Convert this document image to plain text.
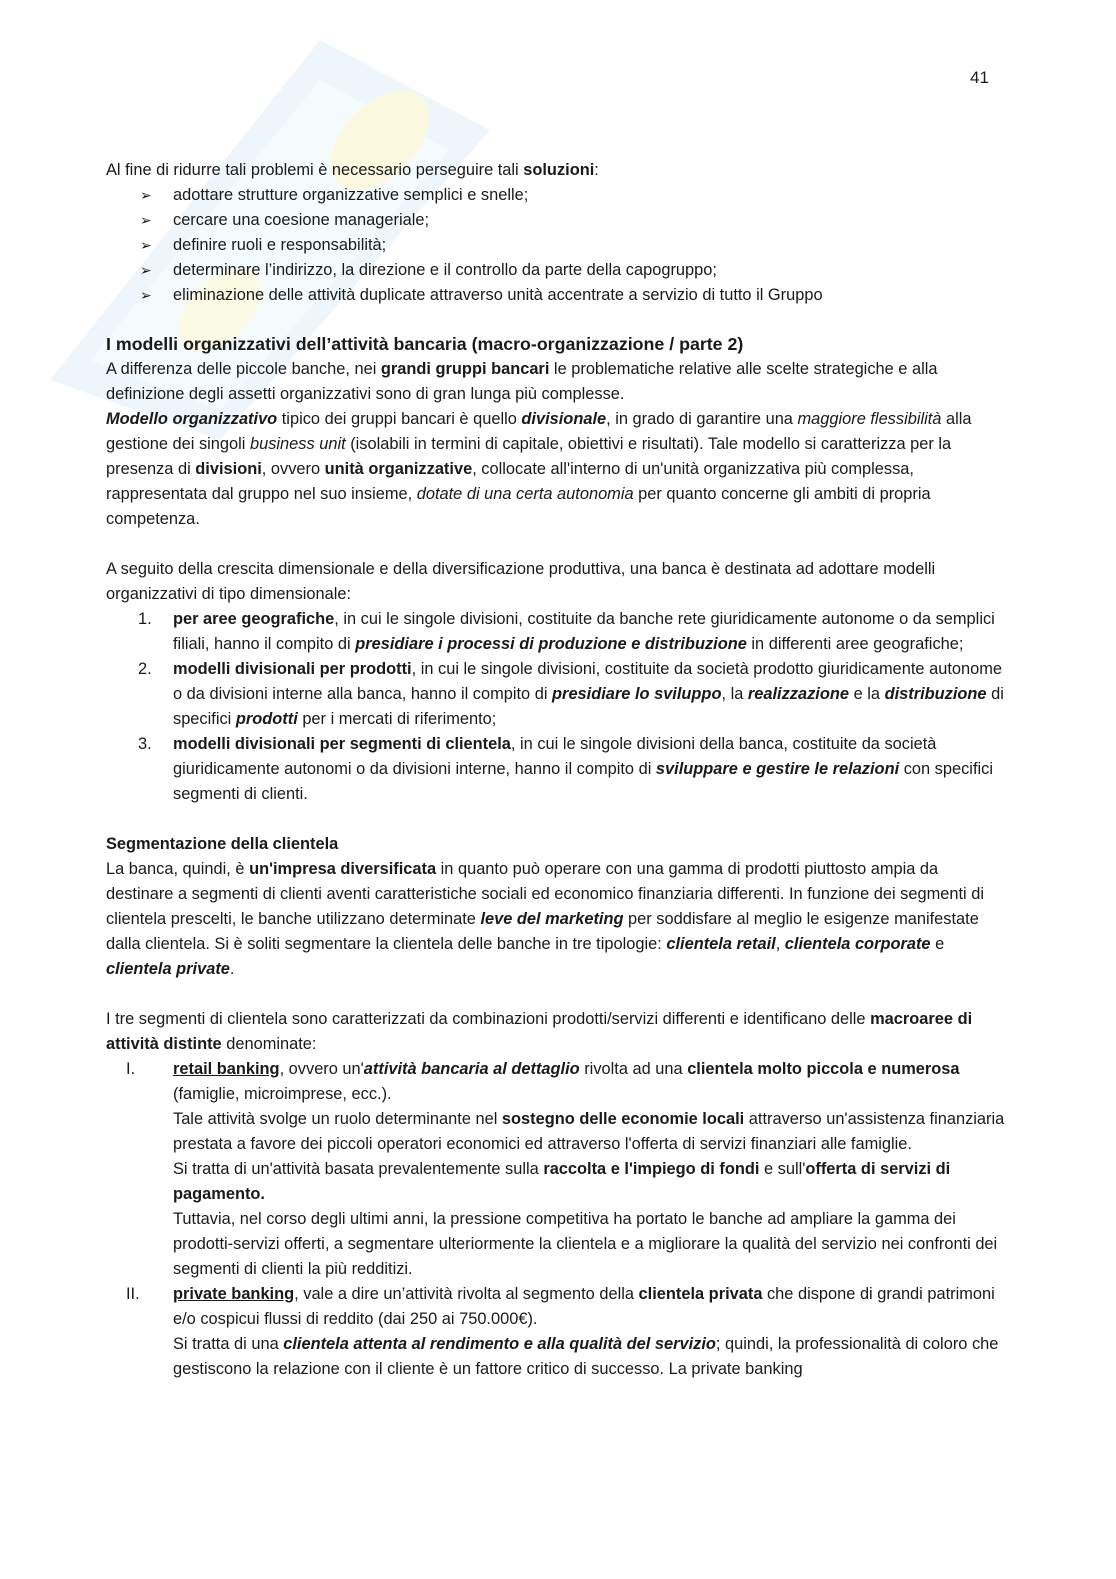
41

Al fine di ridurre tali problemi è necessario perseguire tali soluzioni:

➢ adottare strutture organizzative semplici e snelle;
➢ cercare una coesione manageriale;
➢ definire ruoli e responsabilità;
➢ determinare l’indirizzo, la direzione e il controllo da parte della capogruppo;
➢ eliminazione delle attività duplicate attraverso unità accentrate a servizio di tutto il Gruppo

I modelli organizzativi dell’attività bancaria (macro-organizzazione / parte 2)

A differenza delle piccole banche, nei grandi gruppi bancari le problematiche relative alle scelte strategiche e alla definizione degli assetti organizzativi sono di gran lunga più complesse.

Modello organizzativo tipico dei gruppi bancari è quello divisionale, in grado di garantire una maggiore flessibilità alla gestione dei singoli business unit (isolabili in termini di capitale, obiettivi e risultati). Tale modello si caratterizza per la presenza di divisioni, ovvero unità organizzative, collocate all'interno di un'unità organizzativa più complessa, rappresentata dal gruppo nel suo insieme, dotate di una certa autonomia per quanto concerne gli ambiti di propria competenza.

A seguito della crescita dimensionale e della diversificazione produttiva, una banca è destinata ad adottare modelli organizzativi di tipo dimensionale:

1. per aree geografiche, in cui le singole divisioni, costituite da banche rete giuridicamente autonome o da semplici filiali, hanno il compito di presidiare i processi di produzione e distribuzione in differenti aree geografiche;
2. modelli divisionali per prodotti, in cui le singole divisioni, costituite da società prodotto giuridicamente autonome o da divisioni interne alla banca, hanno il compito di presidiare lo sviluppo, la realizzazione e la distribuzione di specifici prodotti per i mercati di riferimento;
3. modelli divisionali per segmenti di clientela, in cui le singole divisioni della banca, costituite da società giuridicamente autonomi o da divisioni interne, hanno il compito di sviluppare e gestire le relazioni con specifici segmenti di clienti.

Segmentazione della clientela

La banca, quindi, è un'impresa diversificata in quanto può operare con una gamma di prodotti piuttosto ampia da destinare a segmenti di clienti aventi caratteristiche sociali ed economico finanziaria differenti. In funzione dei segmenti di clientela prescelti, le banche utilizzano determinate leve del marketing per soddisfare al meglio le esigenze manifestate dalla clientela. Si è soliti segmentare la clientela delle banche in tre tipologie: clientela retail, clientela corporate e clientela private.

I tre segmenti di clientela sono caratterizzati da combinazioni prodotti/servizi differenti e identificano delle macroaree di attività distinte denominate:

I. retail banking, ovvero un'attività bancaria al dettaglio rivolta ad una clientela molto piccola e numerosa (famiglie, microimprese, ecc.).

Tale attività svolge un ruolo determinante nel sostegno delle economie locali attraverso un'assistenza finanziaria prestata a favore dei piccoli operatori economici ed attraverso l'offerta di servizi finanziari alle famiglie.

Si tratta di un'attività basata prevalentemente sulla raccolta e l'impiego di fondi e sull'offerta di servizi di pagamento.

Tuttavia, nel corso degli ultimi anni, la pressione competitiva ha portato le banche ad ampliare la gamma dei prodotti-servizi offerti, a segmentare ulteriormente la clientela e a migliorare la qualità del servizio nei confronti dei segmenti di clienti la più redditizi.

II. private banking, vale a dire un’attività rivolta al segmento della clientela privata che dispone di grandi patrimoni e/o cospicui flussi di reddito (dai 250 ai 750.000€).

Si tratta di una clientela attenta al rendimento e alla qualità del servizio; quindi, la professionalità di coloro che gestiscono la relazione con il cliente è un fattore critico di successo. La private banking
